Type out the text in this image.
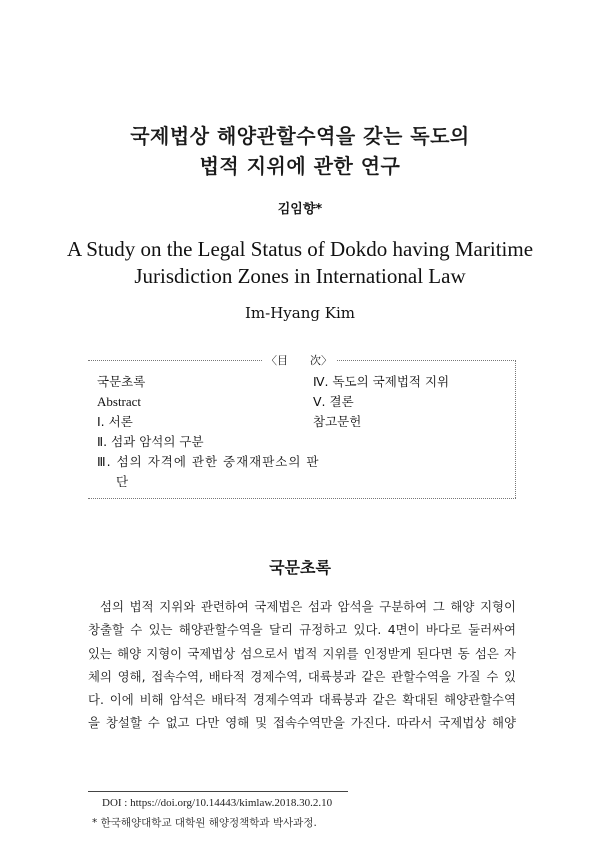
국제법상 해양관할수역을 갖는 독도의
법적 지위에 관한 연구
김임향*
A Study on the Legal Status of Dokdo having Maritime
Jurisdiction Zones in International Law
Im-Hyang Kim
〈目　　次〉
국문초록
Abstract
Ⅰ. 서론
Ⅱ. 섬과 암석의 구분
Ⅲ. 섬의 자격에 관한 중재재판소의 판단
Ⅳ. 독도의 국제법적 지위
Ⅴ. 결론
참고문헌
국문초록
섬의 법적 지위와 관련하여 국제법은 섬과 암석을 구분하여 그 해양 지형이
창출할 수 있는 해양관할수역을 달리 규정하고 있다. 4면이 바다로 둘러싸여
있는 해양 지형이 국제법상 섬으로서 법적 지위를 인정받게 된다면 동 섬은 자
체의 영해, 접속수역, 배타적 경제수역, 대륙붕과 같은 관할수역을 가질 수 있
다. 이에 비해 암석은 배타적 경제수역과 대륙붕과 같은 확대된 해양관할수역
을 창설할 수 없고 다만 영해 및 접속수역만을 가진다. 따라서 국제법상 해양
DOI : https://doi.org/10.14443/kimlaw.2018.30.2.10
* 한국해양대학교 대학원 해양정책학과 박사과정.
